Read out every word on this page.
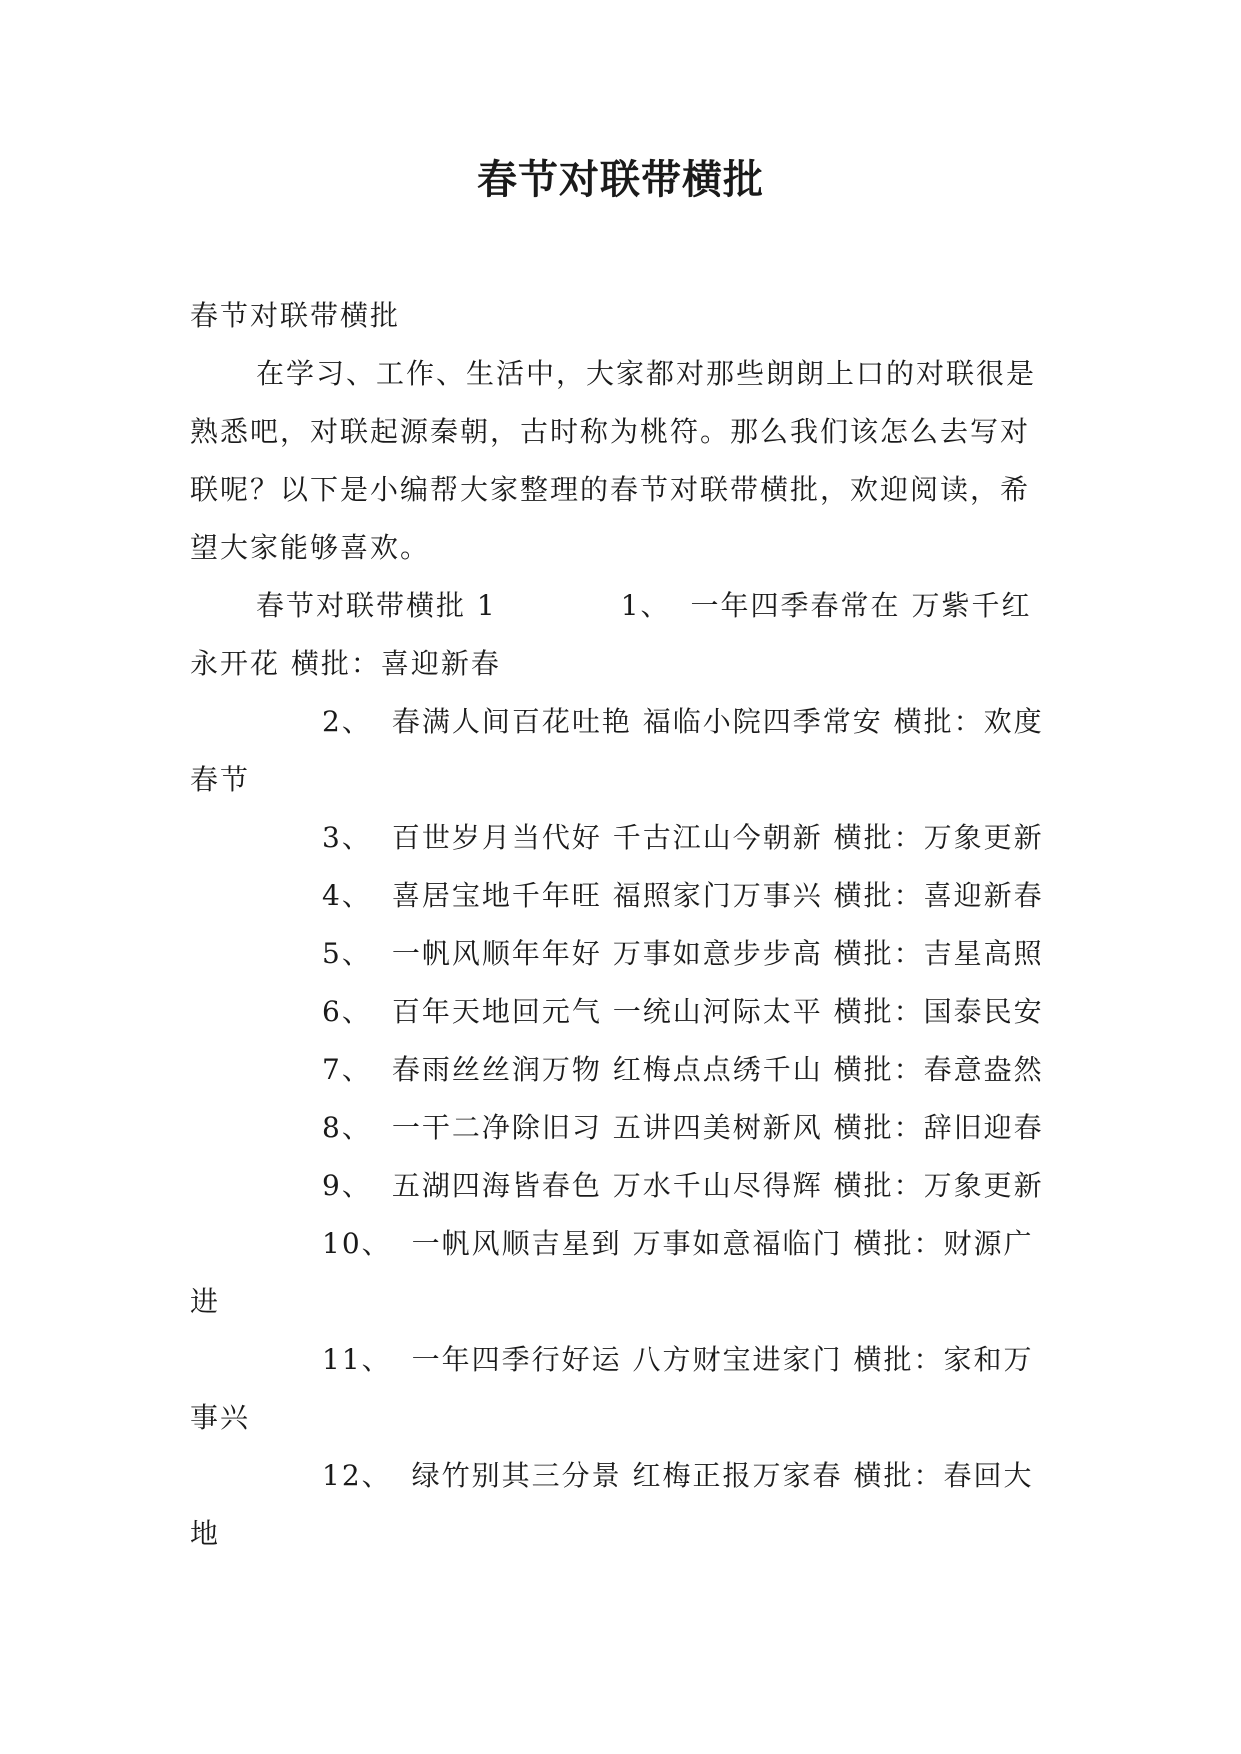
春节对联带横批

春节对联带横批

在学习、工作、生活中，大家都对那些朗朗上口的对联很是熟悉吧，对联起源秦朝，古时称为桃符。那么我们该怎么去写对联呢？以下是小编帮大家整理的春节对联带横批，欢迎阅读，希望大家能够喜欢。

春节对联带横批 1	1、 一年四季春常在 万紫千红永开花 横批：喜迎新春

2、 春满人间百花吐艳 福临小院四季常安 横批：欢度春节

3、 百世岁月当代好 千古江山今朝新 横批：万象更新

4、 喜居宝地千年旺 福照家门万事兴 横批：喜迎新春

5、 一帆风顺年年好 万事如意步步高 横批：吉星高照

6、 百年天地回元气 一统山河际太平 横批：国泰民安

7、 春雨丝丝润万物 红梅点点绣千山 横批：春意盎然

8、 一干二净除旧习 五讲四美树新风 横批：辞旧迎春

9、 五湖四海皆春色 万水千山尽得辉 横批：万象更新

10、 一帆风顺吉星到 万事如意福临门 横批：财源广进

11、 一年四季行好运 八方财宝进家门 横批：家和万事兴

12、 绿竹别其三分景 红梅正报万家春 横批：春回大地
